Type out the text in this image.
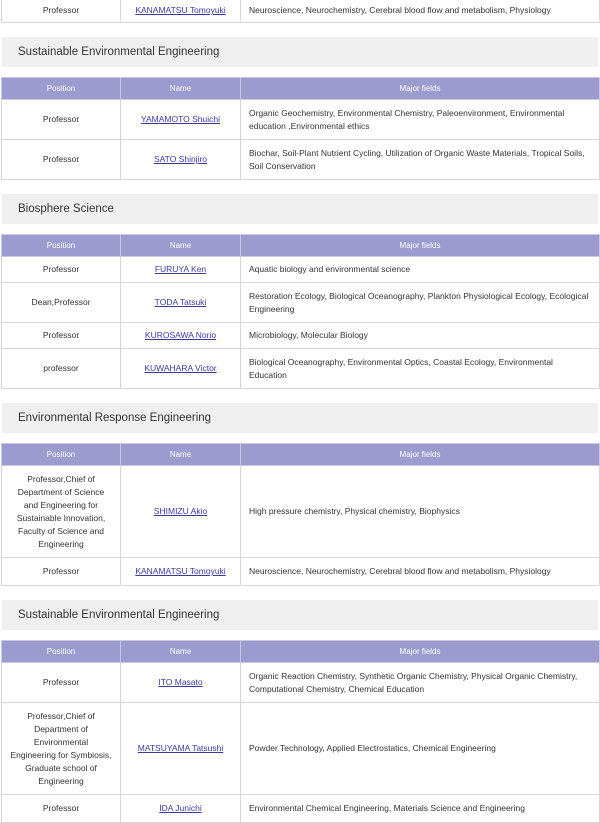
Professor	KANAMATSU Tomoyuki	Neuroscience, Neurochemistry, Cerebral blood flow and metabolism, Physiology
Sustainable Environmental Engineering
Position	Name	Major fields
Professor	YAMAMOTO Shuichi	Organic Geochemistry, Environmental Chemistry, Paleoenvironment, Environmental education ,Environmental ethics
Professor	SATO Shinjiro	Biochar, Soil-Plant Nutrient Cycling, Utilization of Organic Waste Materials, Tropical Soils, Soil Conservation
Biosphere Science
Position	Name	Major fields
Professor	FURUYA Ken	Aquatic biology and environmental science
Dean,Professor	TODA Tatsuki	Restoration Ecology, Biological Oceanography, Plankton Physiological Ecology, Ecological Engineering
Professor	KUROSAWA Norio	Microbiology, Molecular Biology
professor	KUWAHARA Victor	Biological Oceanography, Environmental Optics, Coastal Ecology, Environmental Education
Environmental Response Engineering
Position	Name	Major fields
Professor,Chief of Department of Science and Engineering for Sustainable Innovation, Faculty of Science and Engineering	SHIMIZU Akio	High pressure chemistry, Physical chemistry, Biophysics
Professor	KANAMATSU Tomoyuki	Neuroscience, Neurochemistry, Cerebral blood flow and metabolism, Physiology
Sustainable Environmental Engineering
Position	Name	Major fields
Professor	ITO Masato	Organic Reaction Chemistry, Synthetic Organic Chemistry, Physical Organic Chemistry, Computational Chemistry, Chemical Education
Professor,Chief of Department of Environmental Engineering for Symbiosis, Graduate school of Engineering	MATSUYAMA Tatsushi	Powder Technology, Applied Electrostatics, Chemical Engineering
Professor	IDA Junichi	Environmental Chemical Engineering, Materials Science and Engineering
